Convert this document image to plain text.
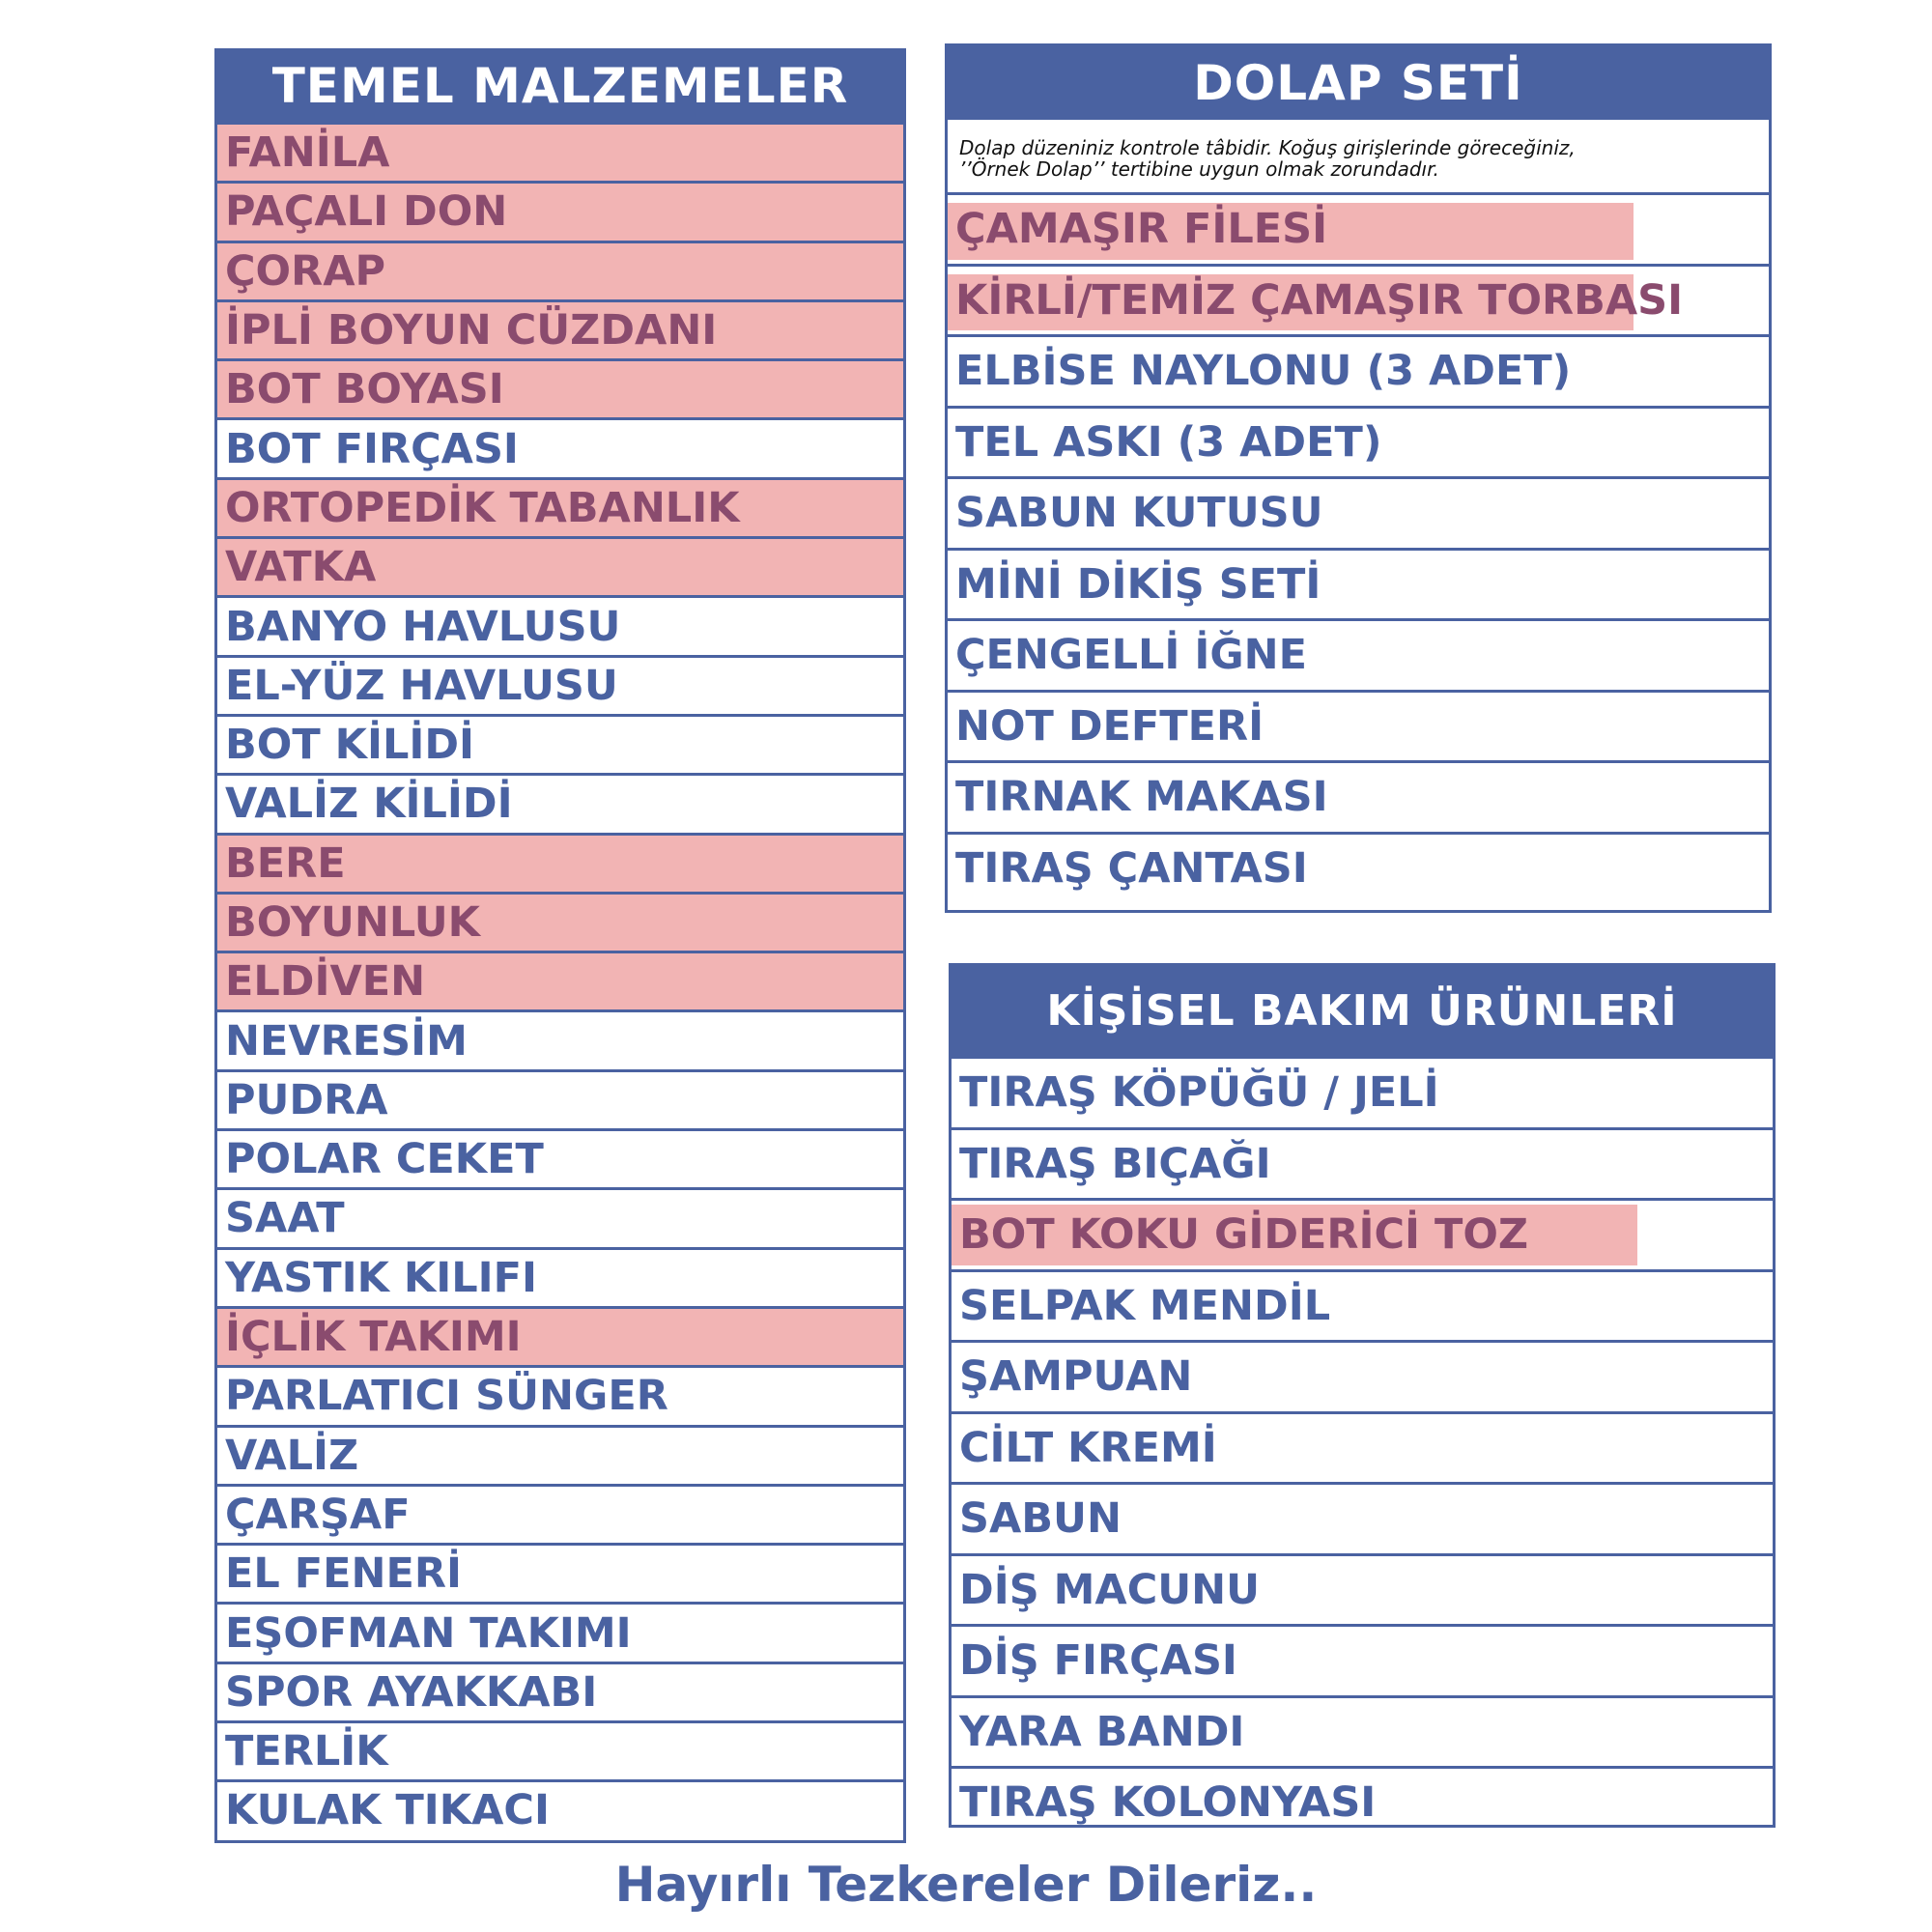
TEMEL MALZEMELER
FANİLA
PAÇALI DON
ÇORAP
İPLİ BOYUN CÜZDANI
BOT BOYASI
BOT FIRÇASI
ORTOPEDİK TABANLIK
VATKA
BANYO HAVLUSU
EL-YÜZ HAVLUSU
BOT KİLİDİ
VALİZ KİLİDİ
BERE
BOYUNLUK
ELDİVEN
NEVRESİM
PUDRA
POLAR CEKET
SAAT
YASTIK KILIFI
İÇLİK TAKIMI
PARLATICI SÜNGER
VALİZ
ÇARŞAF
EL FENERİ
EŞOFMAN TAKIMI
SPOR AYAKKABI
TERLİK
KULAK TIKACI
DOLAP SETİ
Dolap düzeniniz kontrole tâbidir. Koğuş girişlerinde göreceğiniz,
’’Örnek Dolap’’ tertibine uygun olmak zorundadır.
ÇAMAŞIR FİLESİ
KİRLİ/TEMİZ ÇAMAŞIR TORBASI
ELBİSE NAYLONU (3 ADET)
TEL ASKI (3 ADET)
SABUN KUTUSU
MİNİ DİKİŞ SETİ
ÇENGELLİ İĞNE
NOT DEFTERİ
TIRNAK MAKASI
TIRAŞ ÇANTASI
KİŞİSEL BAKIM ÜRÜNLERİ
TIRAŞ KÖPÜĞÜ / JELİ
TIRAŞ BIÇAĞI
BOT KOKU GİDERİCİ TOZ
SELPAK MENDİL
ŞAMPUAN
CİLT KREMİ
SABUN
DİŞ MACUNU
DİŞ FIRÇASI
YARA BANDI
TIRAŞ KOLONYASI
Hayırlı Tezkereler Dileriz..
